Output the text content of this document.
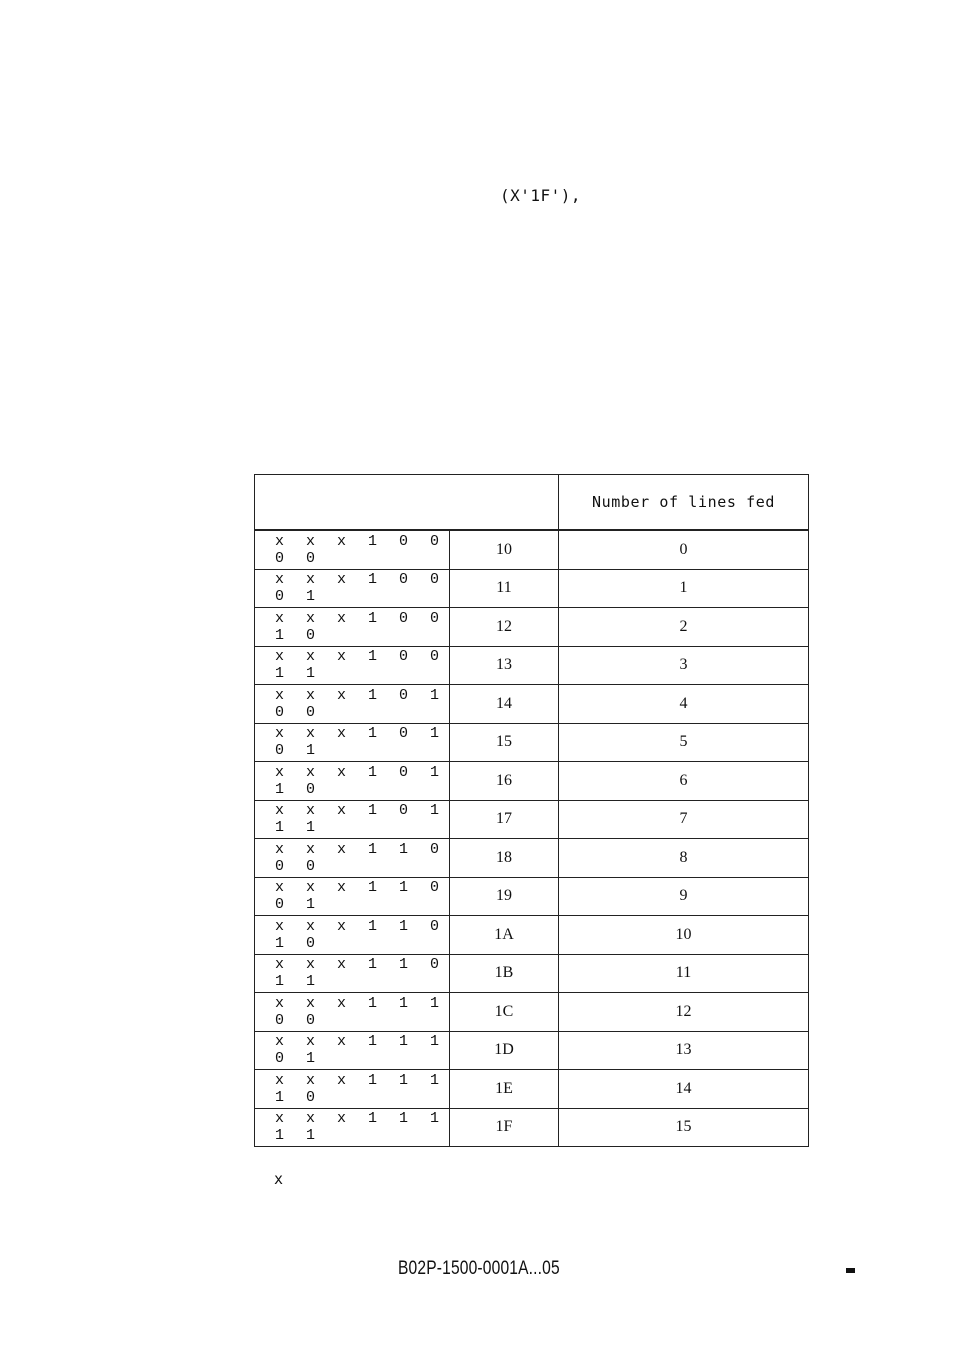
(X'1F'),
		Number of lines fed
x x x 1 0 0 0 0	10	0
x x x 1 0 0 0 1	11	1
x x x 1 0 0 1 0	12	2
x x x 1 0 0 1 1	13	3
x x x 1 0 1 0 0	14	4
x x x 1 0 1 0 1	15	5
x x x 1 0 1 1 0	16	6
x x x 1 0 1 1 1	17	7
x x x 1 1 0 0 0	18	8
x x x 1 1 0 0 1	19	9
x x x 1 1 0 1 0	1A	10
x x x 1 1 0 1 1	1B	11
x x x 1 1 1 0 0	1C	12
x x x 1 1 1 0 1	1D	13
x x x 1 1 1 1 0	1E	14
x x x 1 1 1 1 1	1F	15
x
B02P-1500-0001A...05
